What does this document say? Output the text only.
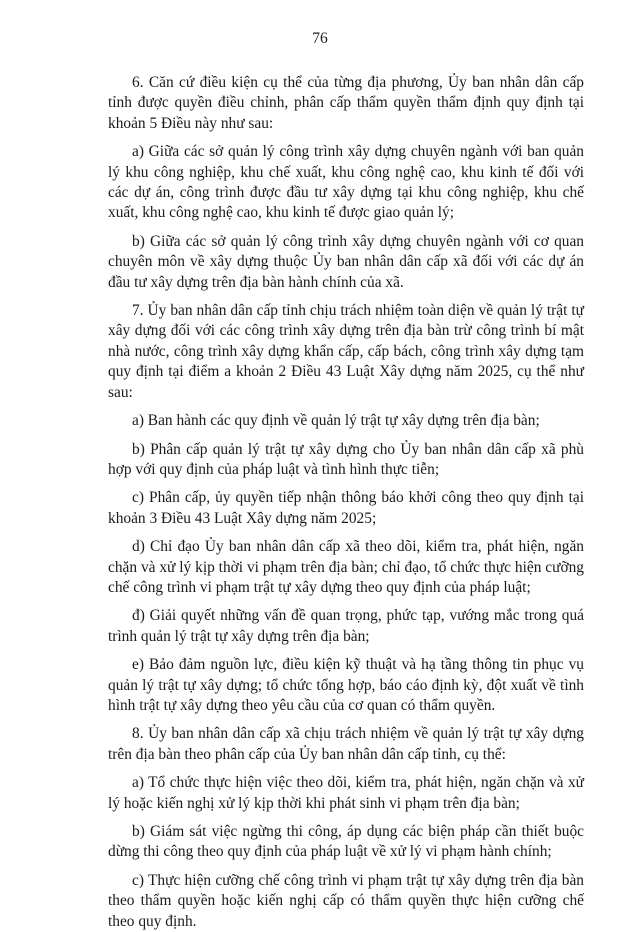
76

6. Căn cứ điều kiện cụ thể của từng địa phương, Ủy ban nhân dân cấp tỉnh được quyền điều chỉnh, phân cấp thẩm quyền thẩm định quy định tại khoản 5 Điều này như sau:

a) Giữa các sở quản lý công trình xây dựng chuyên ngành với ban quản lý khu công nghiệp, khu chế xuất, khu công nghệ cao, khu kinh tế đối với các dự án, công trình được đầu tư xây dựng tại khu công nghiệp, khu chế xuất, khu công nghệ cao, khu kinh tế được giao quản lý;

b) Giữa các sở quản lý công trình xây dựng chuyên ngành với cơ quan chuyên môn về xây dựng thuộc Ủy ban nhân dân cấp xã đối với các dự án đầu tư xây dựng trên địa bàn hành chính của xã.

7. Ủy ban nhân dân cấp tỉnh chịu trách nhiệm toàn diện về quản lý trật tự xây dựng đối với các công trình xây dựng trên địa bàn trừ công trình bí mật nhà nước, công trình xây dựng khẩn cấp, cấp bách, công trình xây dựng tạm quy định tại điểm a khoản 2 Điều 43 Luật Xây dựng năm 2025, cụ thể như sau:

a) Ban hành các quy định về quản lý trật tự xây dựng trên địa bàn;

b) Phân cấp quản lý trật tự xây dựng cho Ủy ban nhân dân cấp xã phù hợp với quy định của pháp luật và tình hình thực tiễn;

c) Phân cấp, ủy quyền tiếp nhận thông báo khởi công theo quy định tại khoản 3 Điều 43 Luật Xây dựng năm 2025;

d) Chỉ đạo Ủy ban nhân dân cấp xã theo dõi, kiểm tra, phát hiện, ngăn chặn và xử lý kịp thời vi phạm trên địa bàn; chỉ đạo, tổ chức thực hiện cưỡng chế công trình vi phạm trật tự xây dựng theo quy định của pháp luật;

đ) Giải quyết những vấn đề quan trọng, phức tạp, vướng mắc trong quá trình quản lý trật tự xây dựng trên địa bàn;

e) Bảo đảm nguồn lực, điều kiện kỹ thuật và hạ tầng thông tin phục vụ quản lý trật tự xây dựng; tổ chức tổng hợp, báo cáo định kỳ, đột xuất về tình hình trật tự xây dựng theo yêu cầu của cơ quan có thẩm quyền.

8. Ủy ban nhân dân cấp xã chịu trách nhiệm về quản lý trật tự xây dựng trên địa bàn theo phân cấp của Ủy ban nhân dân cấp tỉnh, cụ thể:

a) Tổ chức thực hiện việc theo dõi, kiểm tra, phát hiện, ngăn chặn và xử lý hoặc kiến nghị xử lý kịp thời khi phát sinh vi phạm trên địa bàn;

b) Giám sát việc ngừng thi công, áp dụng các biện pháp cần thiết buộc dừng thi công theo quy định của pháp luật về xử lý vi phạm hành chính;

c) Thực hiện cưỡng chế công trình vi phạm trật tự xây dựng trên địa bàn theo thẩm quyền hoặc kiến nghị cấp có thẩm quyền thực hiện cưỡng chế theo quy định.
